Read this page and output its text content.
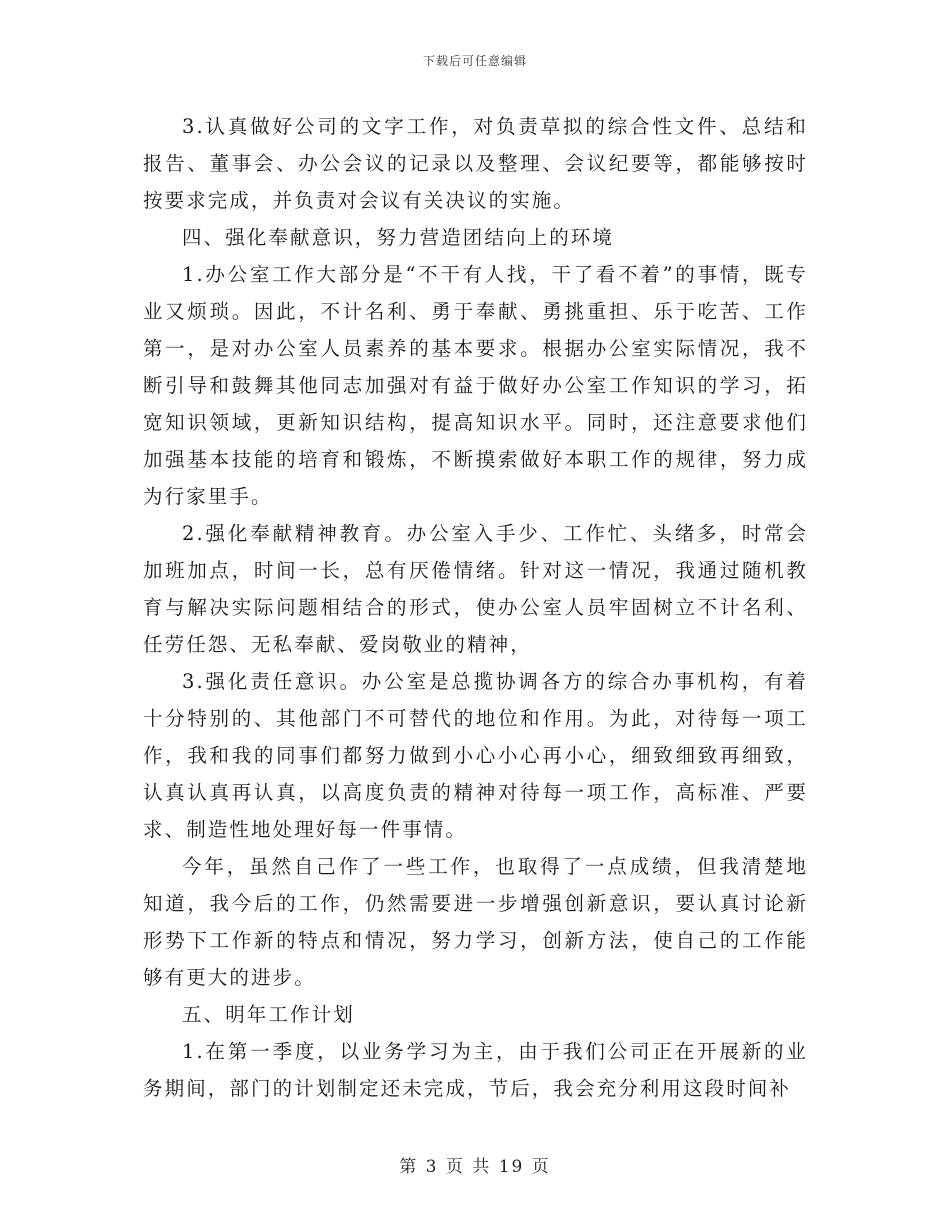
下载后可任意编辑

3.认真做好公司的文字工作，对负责草拟的综合性文件、总结和报告、董事会、办公会议的记录以及整理、会议纪要等，都能够按时按要求完成，并负责对会议有关决议的实施。

四、强化奉献意识，努力营造团结向上的环境

1.办公室工作大部分是“不干有人找，干了看不着”的事情，既专业又烦琐。因此，不计名利、勇于奉献、勇挑重担、乐于吃苦、工作第一，是对办公室人员素养的基本要求。根据办公室实际情况，我不断引导和鼓舞其他同志加强对有益于做好办公室工作知识的学习，拓宽知识领域，更新知识结构，提高知识水平。同时，还注意要求他们加强基本技能的培育和锻炼，不断摸索做好本职工作的规律，努力成为行家里手。

2.强化奉献精神教育。办公室入手少、工作忙、头绪多，时常会加班加点，时间一长，总有厌倦情绪。针对这一情况，我通过随机教育与解决实际问题相结合的形式，使办公室人员牢固树立不计名利、任劳任怨、无私奉献、爱岗敬业的精神，

3.强化责任意识。办公室是总揽协调各方的综合办事机构，有着十分特别的、其他部门不可替代的地位和作用。为此，对待每一项工作，我和我的同事们都努力做到小心小心再小心，细致细致再细致，认真认真再认真，以高度负责的精神对待每一项工作，高标准、严要求、制造性地处理好每一件事情。

今年，虽然自己作了一些工作，也取得了一点成绩，但我清楚地知道，我今后的工作，仍然需要进一步增强创新意识，要认真讨论新形势下工作新的特点和情况，努力学习，创新方法，使自己的工作能够有更大的进步。

五、明年工作计划

1.在第一季度，以业务学习为主，由于我们公司正在开展新的业务期间，部门的计划制定还未完成，节后，我会充分利用这段时间补

第 3 页 共 19 页
